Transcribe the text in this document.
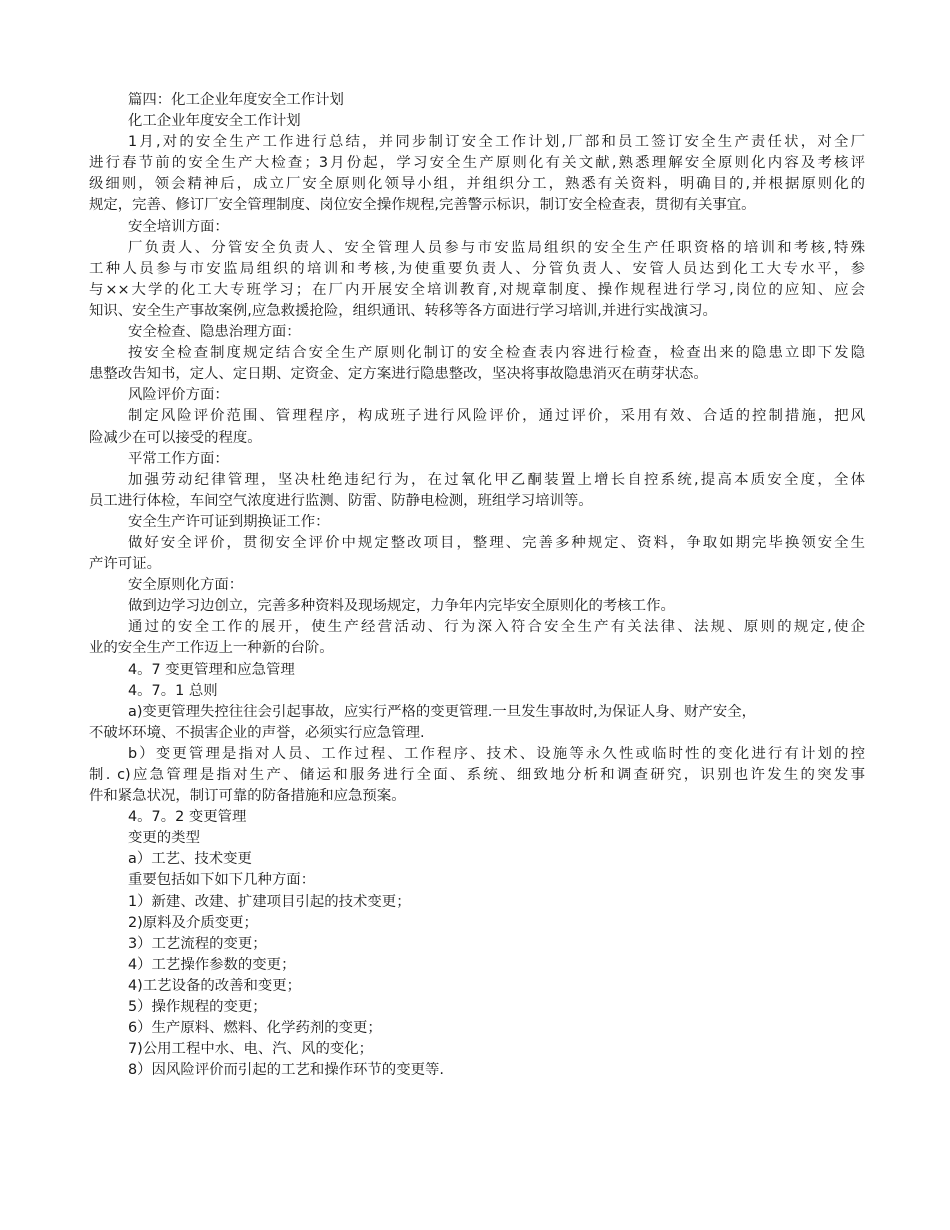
篇四：化工企业年度安全工作计划
化工企业年度安全工作计划
1月,对的安全生产工作进行总结，并同步制订安全工作计划,厂部和员工签订安全生产责任状，对全厂
进行春节前的安全生产大检查；3月份起，学习安全生产原则化有关文献,熟悉理解安全原则化内容及考核评
级细则，领会精神后，成立厂安全原则化领导小组，并组织分工，熟悉有关资料，明确目的,并根据原则化的
规定，完善、修订厂安全管理制度、岗位安全操作规程,完善警示标识，制订安全检查表，贯彻有关事宜。
安全培训方面：
厂负责人、分管安全负责人、安全管理人员参与市安监局组织的安全生产任职资格的培训和考核,特殊
工种人员参与市安监局组织的培训和考核,为使重要负责人、分管负责人、安管人员达到化工大专水平，参
与××大学的化工大专班学习；在厂内开展安全培训教育,对规章制度、操作规程进行学习,岗位的应知、应会
知识、安全生产事故案例,应急救援抢险，组织通讯、转移等各方面进行学习培训,并进行实战演习。
安全检查、隐患治理方面：
按安全检查制度规定结合安全生产原则化制订的安全检查表内容进行检查，检查出来的隐患立即下发隐
患整改告知书，定人、定日期、定资金、定方案进行隐患整改，坚决将事故隐患消灭在萌芽状态。
风险评价方面：
制定风险评价范围、管理程序，构成班子进行风险评价，通过评价，采用有效、合适的控制措施，把风
险减少在可以接受的程度。
平常工作方面：
加强劳动纪律管理，坚决杜绝违纪行为，在过氧化甲乙酮装置上增长自控系统,提高本质安全度，全体
员工进行体检，车间空气浓度进行监测、防雷、防静电检测，班组学习培训等。
安全生产许可证到期换证工作：
做好安全评价，贯彻安全评价中规定整改项目，整理、完善多种规定、资料，争取如期完毕换领安全生
产许可证。
安全原则化方面：
做到边学习边创立，完善多种资料及现场规定，力争年内完毕安全原则化的考核工作。
通过的安全工作的展开，使生产经营活动、行为深入符合安全生产有关法律、法规、原则的规定,使企
业的安全生产工作迈上一种新的台阶。
4。7 变更管理和应急管理
4。7。1 总则
a)变更管理失控往往会引起事故，应实行严格的变更管理.一旦发生事故时,为保证人身、财产安全，
不破坏环境、不损害企业的声誉，必须实行应急管理.
b）变更管理是指对人员、工作过程、工作程序、技术、设施等永久性或临时性的变化进行有计划的控
制. c)应急管理是指对生产、储运和服务进行全面、系统、细致地分析和调查研究，识别也许发生的突发事
件和紧急状况，制订可靠的防备措施和应急预案。
4。7。2 变更管理
变更的类型
a）工艺、技术变更
重要包括如下如下几种方面：
1）新建、改建、扩建项目引起的技术变更；
2)原料及介质变更；
3）工艺流程的变更；
4）工艺操作参数的变更；
4)工艺设备的改善和变更；
5）操作规程的变更；
6）生产原料、燃料、化学药剂的变更；
7)公用工程中水、电、汽、风的变化；
8）因风险评价而引起的工艺和操作环节的变更等.
